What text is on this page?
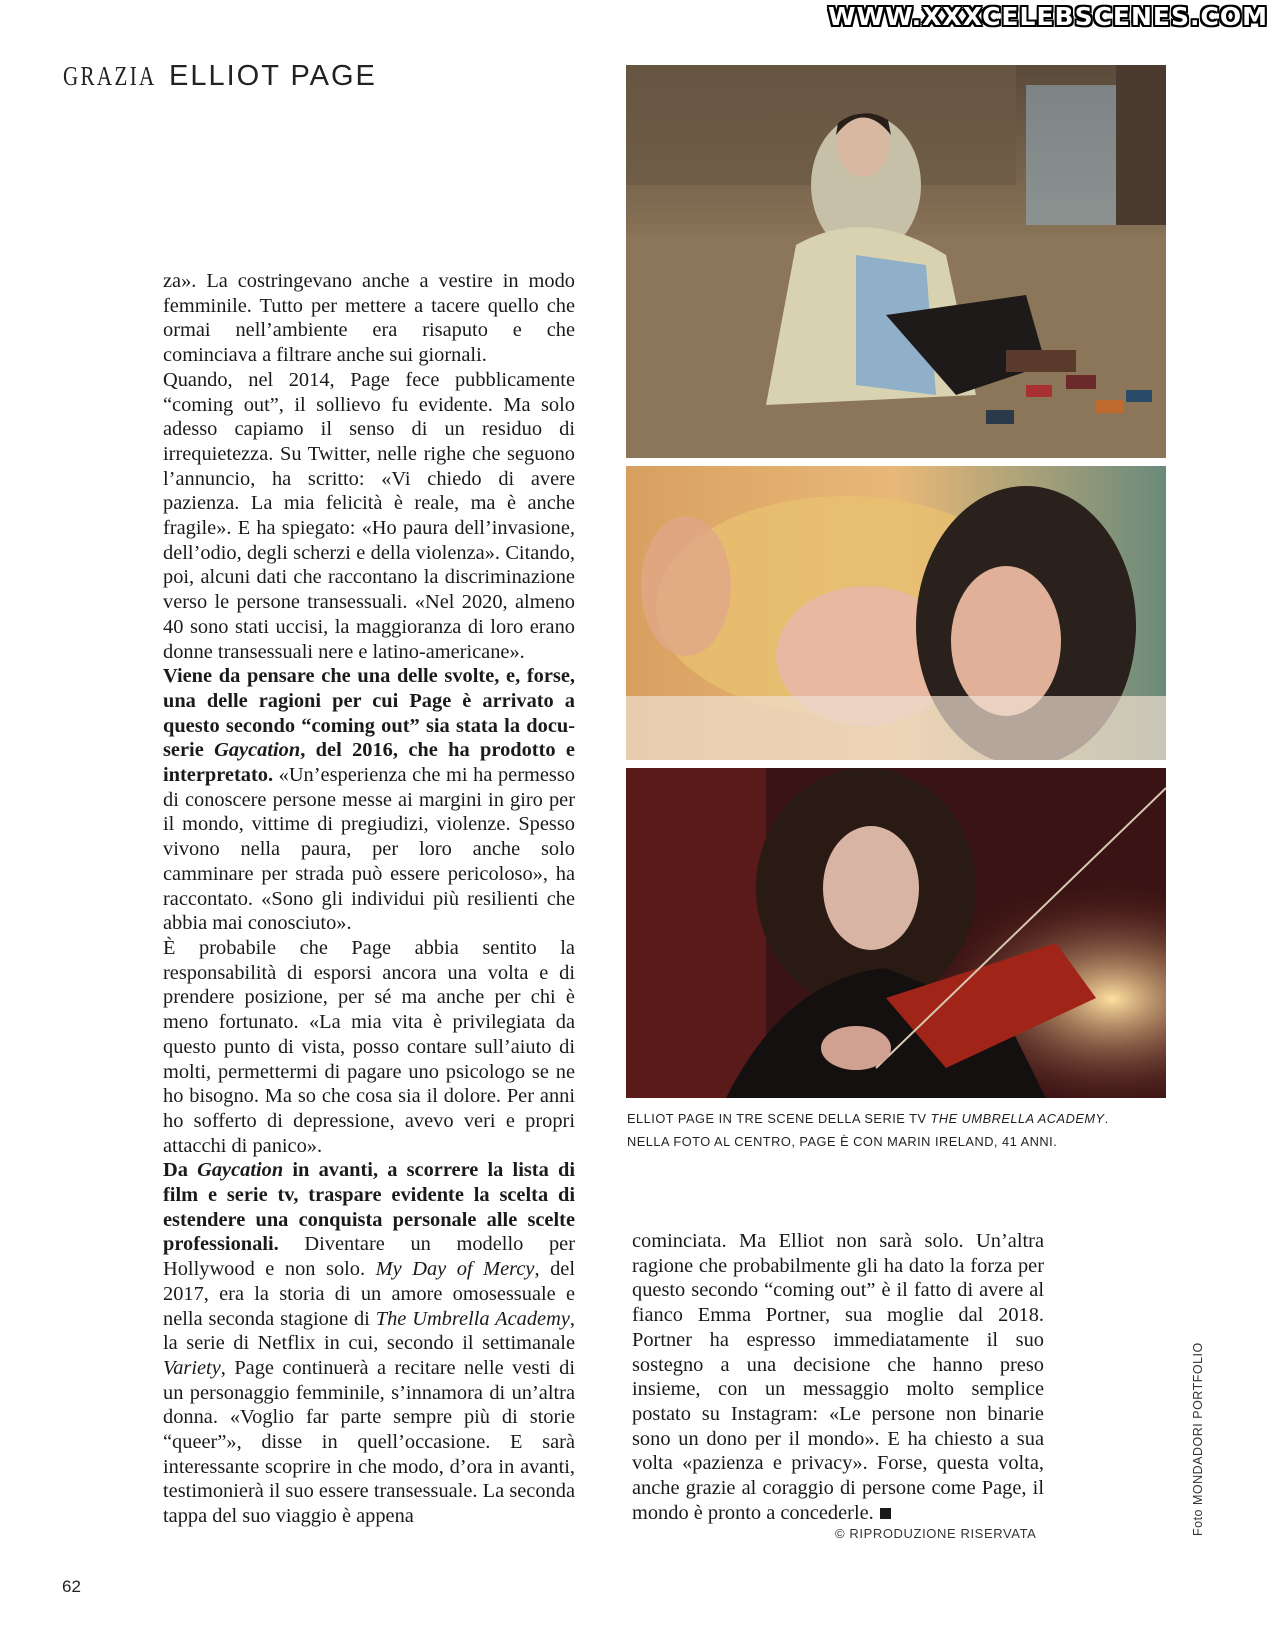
WWW.XXXCELEBSCENES.COM
GRAZIA ELLIOT PAGE

za». La costringevano anche a vestire in modo femminile. Tutto per mettere a tacere quello che ormai nell’ambiente era risaputo e che cominciava a filtrare anche sui giornali.

Quando, nel 2014, Page fece pubblicamente “coming out”, il sollievo fu evidente. Ma solo adesso capiamo il senso di un residuo di irrequietezza. Su Twitter, nelle righe che seguono l’annuncio, ha scritto: «Vi chiedo di avere pazienza. La mia felicità è reale, ma è anche fragile». E ha spiegato: «Ho paura dell’invasione, dell’odio, degli scherzi e della violenza». Citando, poi, alcuni dati che raccontano la discriminazione verso le persone transessuali. «Nel 2020, almeno 40 sono stati uccisi, la maggioranza di loro erano donne transessuali nere e latino-americane».

Viene da pensare che una delle svolte, e, forse, una delle ragioni per cui Page è arrivato a questo secondo “coming out” sia stata la docu-serie Gaycation, del 2016, che ha prodotto e interpretato. «Un’esperienza che mi ha permesso di conoscere persone messe ai margini in giro per il mondo, vittime di pregiudizi, violenze. Spesso vivono nella paura, per loro anche solo camminare per strada può essere pericoloso», ha raccontato. «Sono gli individui più resilienti che abbia mai conosciuto».

È probabile che Page abbia sentito la responsabilità di esporsi ancora una volta e di prendere posizione, per sé ma anche per chi è meno fortunato. «La mia vita è privilegiata da questo punto di vista, posso contare sull’aiuto di molti, permettermi di pagare uno psicologo se ne ho bisogno. Ma so che cosa sia il dolore. Per anni ho sofferto di depressione, avevo veri e propri attacchi di panico».

Da Gaycation in avanti, a scorrere la lista di film e serie tv, traspare evidente la scelta di estendere una conquista personale alle scelte professionali. Diventare un modello per Hollywood e non solo. My Day of Mercy, del 2017, era la storia di un amore omosessuale e nella seconda stagione di The Umbrella Academy, la serie di Netflix in cui, secondo il settimanale Variety, Page continuerà a recitare nelle vesti di un personaggio femminile, s’innamora di un’altra donna. «Voglio far parte sempre più di storie “queer”», disse in quell’occasione. E sarà interessante scoprire in che modo, d’ora in avanti, testimonierà il suo essere transessuale. La seconda tappa del suo viaggio è appena

cominciata. Ma Elliot non sarà solo. Un’altra ragione che probabilmente gli ha dato la forza per questo secondo “coming out” è il fatto di avere al fianco Emma Portner, sua moglie dal 2018. Portner ha espresso immediatamente il suo sostegno a una decisione che hanno preso insieme, con un messaggio molto semplice postato su Instagram: «Le persone non binarie sono un dono per il mondo». E ha chiesto a sua volta «pazienza e privacy». Forse, questa volta, anche grazie al coraggio di persone come Page, il mondo è pronto a concederle.

© RIPRODUZIONE RISERVATA	Foto MONDADORI PORTFOLIO
ELLIOT PAGE IN TRE SCENE DELLA SERIE TV THE UMBRELLA ACADEMY.
NELLA FOTO AL CENTRO, PAGE È CON MARIN IRELAND, 41 ANNI.
62
